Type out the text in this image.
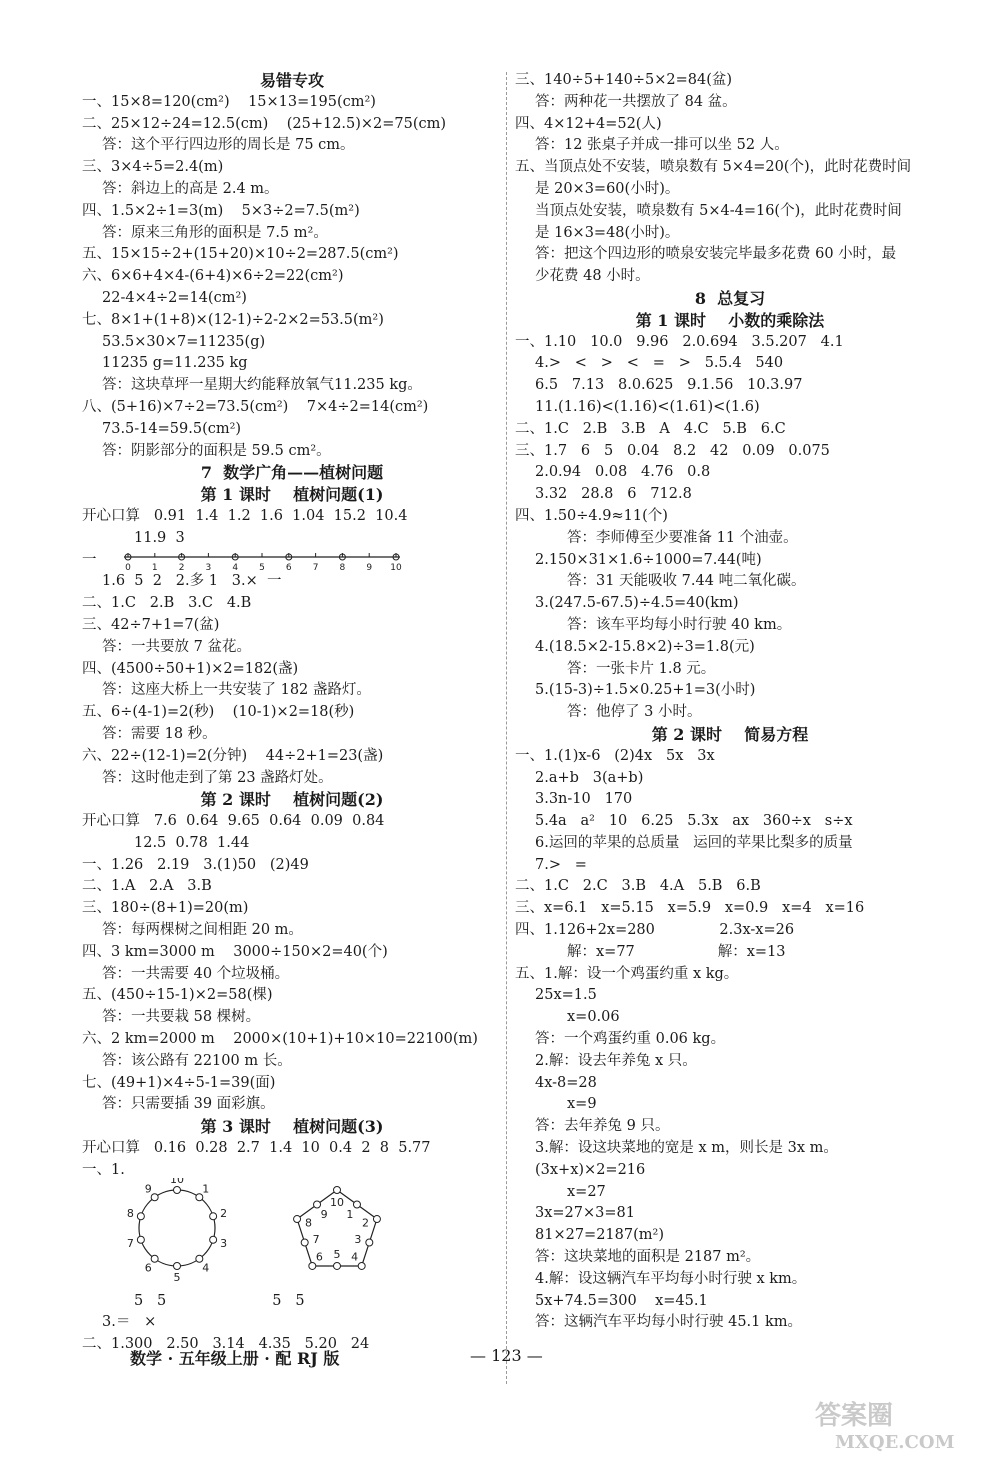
易错专攻
一、15×8=120(cm²)    15×13=195(cm²)
二、25×12÷24=12.5(cm)    (25+12.5)×2=75(cm)
答：这个平行四边形的周长是 75 cm。
三、3×4÷5=2.4(m)
答：斜边上的高是 2.4 m。
四、1.5×2÷1=3(m)    5×3÷2=7.5(m²)
答：原来三角形的面积是 7.5 m²。
五、15×15÷2+(15+20)×10÷2=287.5(cm²)
六、6×6+4×4-(6+4)×6÷2=22(cm²)
22-4×4÷2=14(cm²)
七、8×1+(1+8)×(12-1)÷2-2×2=53.5(m²)
53.5×30×7=11235(g)
11235 g=11.235 kg
答：这块草坪一星期大约能释放氧气11.235 kg。
八、(5+16)×7÷2=73.5(cm²)    7×4÷2=14(cm²)
73.5-14=59.5(cm²)
答：阴影部分的面积是 59.5 cm²。
7  数学广角——植树问题
第 1 课时    植树问题(1)
开心口算   0.91  1.4  1.2  1.6  1.04  15.2  10.4
11.9  3
一
1.6  5  2   2.多 1   3.×  一
二、1.C   2.B   3.C   4.B
三、42÷7+1=7(盆)
答：一共要放 7 盆花。
四、(4500÷50+1)×2=182(盏)
答：这座大桥上一共安装了 182 盏路灯。
五、6÷(4-1)=2(秒)    (10-1)×2=18(秒)
答：需要 18 秒。
六、22÷(12-1)=2(分钟)    44÷2+1=23(盏)
答：这时他走到了第 23 盏路灯处。
第 2 课时    植树问题(2)
开心口算   7.6  0.64  9.65  0.64  0.09  0.84
12.5  0.78  1.44
一、1.26   2.19   3.(1)50   (2)49
二、1.A   2.A   3.B
三、180÷(8+1)=20(m)
答：每两棵树之间相距 20 m。
四、3 km=3000 m    3000÷150×2=40(个)
答：一共需要 40 个垃圾桶。
五、(450÷15-1)×2=58(棵)
答：一共要栽 58 棵树。
六、2 km=2000 m    2000×(10+1)+10×10=22100(m)
答：该公路有 22100 m 长。
七、(49+1)×4÷5-1=39(面)
答：只需要插 39 面彩旗。
第 3 课时    植树问题(3)
开心口算   0.16  0.28  2.7  1.4  10  0.4  2  8  5.77
一、1.
5   5                       5   5
3.＝   ×
二、1.300   2.50   3.14   4.35   5.20   24
三、140÷5+140÷5×2=84(盆)
答：两种花一共摆放了 84 盆。
四、4×12+4=52(人)
答：12 张桌子并成一排可以坐 52 人。
五、当顶点处不安装，喷泉数有 5×4=20(个)，此时花费时间
是 20×3=60(小时)。
当顶点处安装，喷泉数有 5×4-4=16(个)，此时花费时间
是 16×3=48(小时)。
答：把这个四边形的喷泉安装完毕最多花费 60 小时，最
少花费 48 小时。
8  总复习
第 1 课时    小数的乘除法
一、1.10   10.0   9.96   2.0.694   3.5.207   4.1
4.>   <   >   <   =   >   5.5.4   540
6.5   7.13   8.0.625   9.1.56   10.3.97
11.(1.16)<(1.16)<(1.61)<(1.6)
二、1.C   2.B   3.B   A   4.C   5.B   6.C
三、1.7   6   5   0.04   8.2   42   0.09   0.075
2.0.94   0.08   4.76   0.8
3.32   28.8   6   712.8
四、1.50÷4.9≈11(个)
答：李师傅至少要准备 11 个油壶。
2.150×31×1.6÷1000=7.44(吨)
答：31 天能吸收 7.44 吨二氧化碳。
3.(247.5-67.5)÷4.5=40(km)
答：该车平均每小时行驶 40 km。
4.(18.5×2-15.8×2)÷3=1.8(元)
答：一张卡片 1.8 元。
5.(15-3)÷1.5×0.25+1=3(小时)
答：他停了 3 小时。
第 2 课时    简易方程
一、1.(1)x-6   (2)4x   5x   3x
2.a+b   3(a+b)
3.3n-10   170
5.4a   a²   10   6.25   5.3x   ax   360÷x   s÷x
6.运回的苹果的总质量   运回的苹果比梨多的质量
7.>   =
二、1.C   2.C   3.B   4.A   5.B   6.B
三、x=6.1   x=5.15   x=5.9   x=0.9   x=4   x=16
四、1.126+2x=280              2.3x-x=26
解：x=77                  解：x=13
五、1.解：设一个鸡蛋约重 x kg。
25x=1.5
x=0.06
答：一个鸡蛋约重 0.06 kg。
2.解：设去年养兔 x 只。
4x-8=28
x=9
答：去年养兔 9 只。
3.解：设这块菜地的宽是 x m，则长是 3x m。
(3x+x)×2=216
x=27
3x=27×3=81
81×27=2187(m²)
答：这块菜地的面积是 2187 m²。
4.解：设这辆汽车平均每小时行驶 x km。
5x+74.5=300    x=45.1
答：这辆汽车平均每小时行驶 45.1 km。
数学 · 五年级上册 · 配 RJ 版	— 123 —
答案圈
MXQE.COM
